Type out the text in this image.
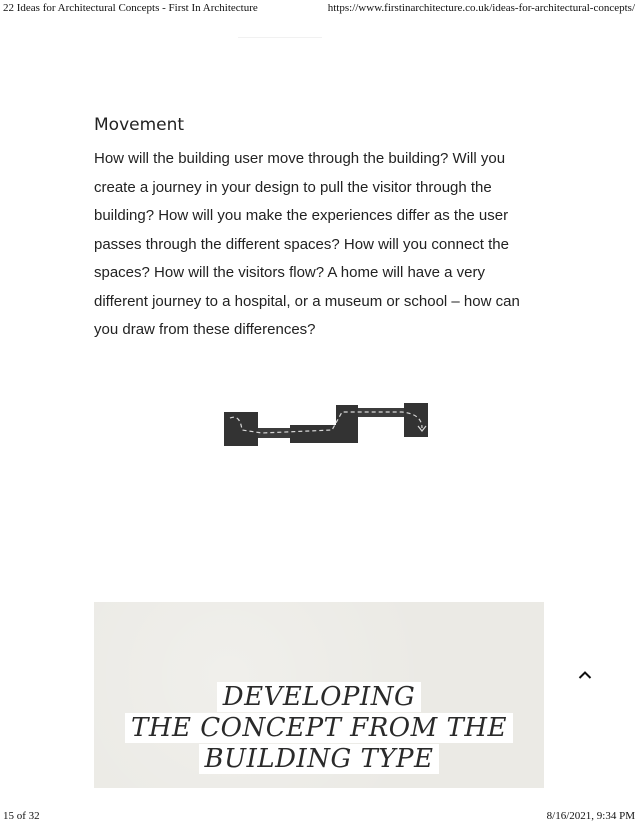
22 Ideas for Architectural Concepts - First In Architecture	https://www.firstinarchitecture.co.uk/ideas-for-architectural-concepts/
Movement

How will the building user move through the building? Will you create a journey in your design to pull the visitor through the building? How will you make the experiences differ as the user passes through the different spaces? How will you connect the spaces? How will the visitors flow? A home will have a very different journey to a hospital, or a museum or school – how can you draw from these differences?

DEVELOPING
THE CONCEPT FROM THE
BUILDING TYPE
15 of 32	8/16/2021, 9:34 PM
